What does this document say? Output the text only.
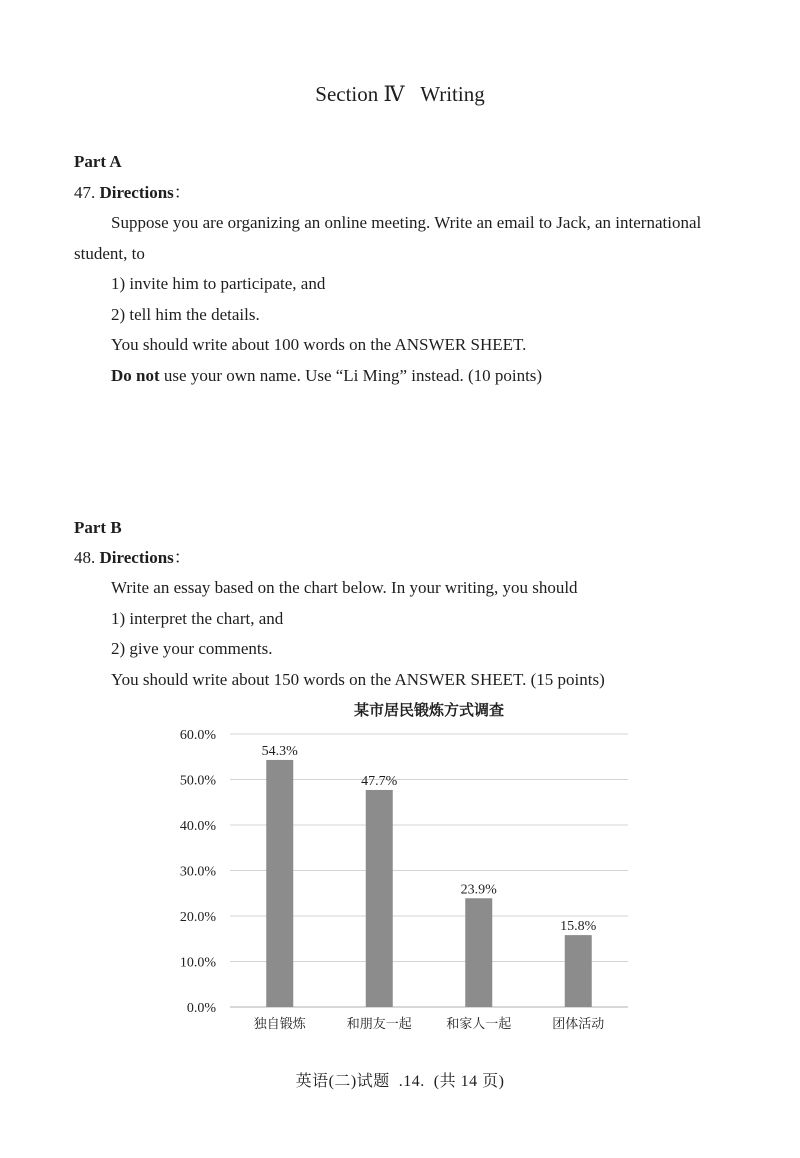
Section Ⅳ   Writing
Part A
47. Directions：
Suppose you are organizing an online meeting. Write an email to Jack, an international
student, to
1) invite him to participate, and
2) tell him the details.
You should write about 100 words on the ANSWER SHEET.
Do not use your own name. Use “Li Ming” instead. (10 points)
Part B
48. Directions：
Write an essay based on the chart below. In your writing, you should
1) interpret the chart, and
2) give your comments.
You should write about 150 words on the ANSWER SHEET. (15 points)
某市居民锻炼方式调查
0.0%
10.0%
20.0%
30.0%
40.0%
50.0%
60.0%
54.3%
独自锻炼
47.7%
和朋友一起
23.9%
和家人一起
15.8%
团体活动
英语(二)试题  .14.  (共 14 页)
